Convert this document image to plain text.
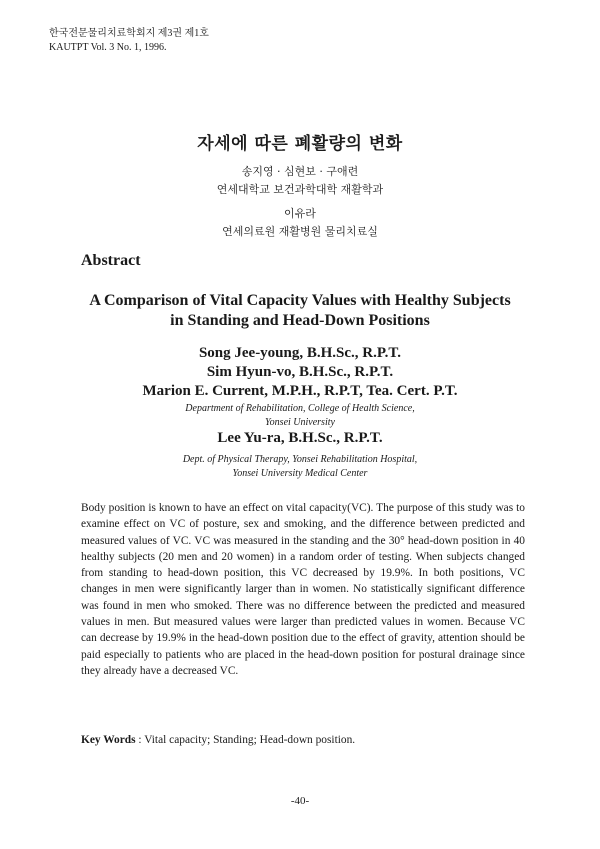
한국전문물리치료학회지 제3권 제1호
KAUTPT Vol. 3 No. 1, 1996.
자세에 따른 폐활량의 변화
송지영 · 심현보 · 구애련
연세대학교 보건과학대학 재활학과
이유라
연세의료원 재활병원 물리치료실
Abstract
A Comparison of Vital Capacity Values with Healthy Subjects
in Standing and Head-Down Positions
Song Jee-young, B.H.Sc., R.P.T.
Sim Hyun-vo, B.H.Sc., R.P.T.
Marion E. Current, M.P.H., R.P.T, Tea. Cert. P.T.
Department of Rehabilitation, College of Health Science,
Yonsei University
Lee Yu-ra, B.H.Sc., R.P.T.
Dept. of Physical Therapy, Yonsei Rehabilitation Hospital,
Yonsei University Medical Center
Body position is known to have an effect on vital capacity(VC). The purpose of this study was to examine effect on VC of posture, sex and smoking, and the difference between predicted and measured values of VC. VC was measured in the standing and the 30° head-down position in 40 healthy subjects (20 men and 20 women) in a random order of testing. When subjects changed from standing to head-down position, this VC decreased by 19.9%. In both positions, VC changes in men were significantly larger than in women. No statistically significant difference was found in men who smoked. There was no difference between the predicted and measured values in men. But measured values were larger than predicted values in women. Because VC can decrease by 19.9% in the head-down position due to the effect of gravity, attention should be paid especially to patients who are placed in the head-down position for postural drainage since they already have a decreased VC.
Key Words : Vital capacity; Standing; Head-down position.
-40-
